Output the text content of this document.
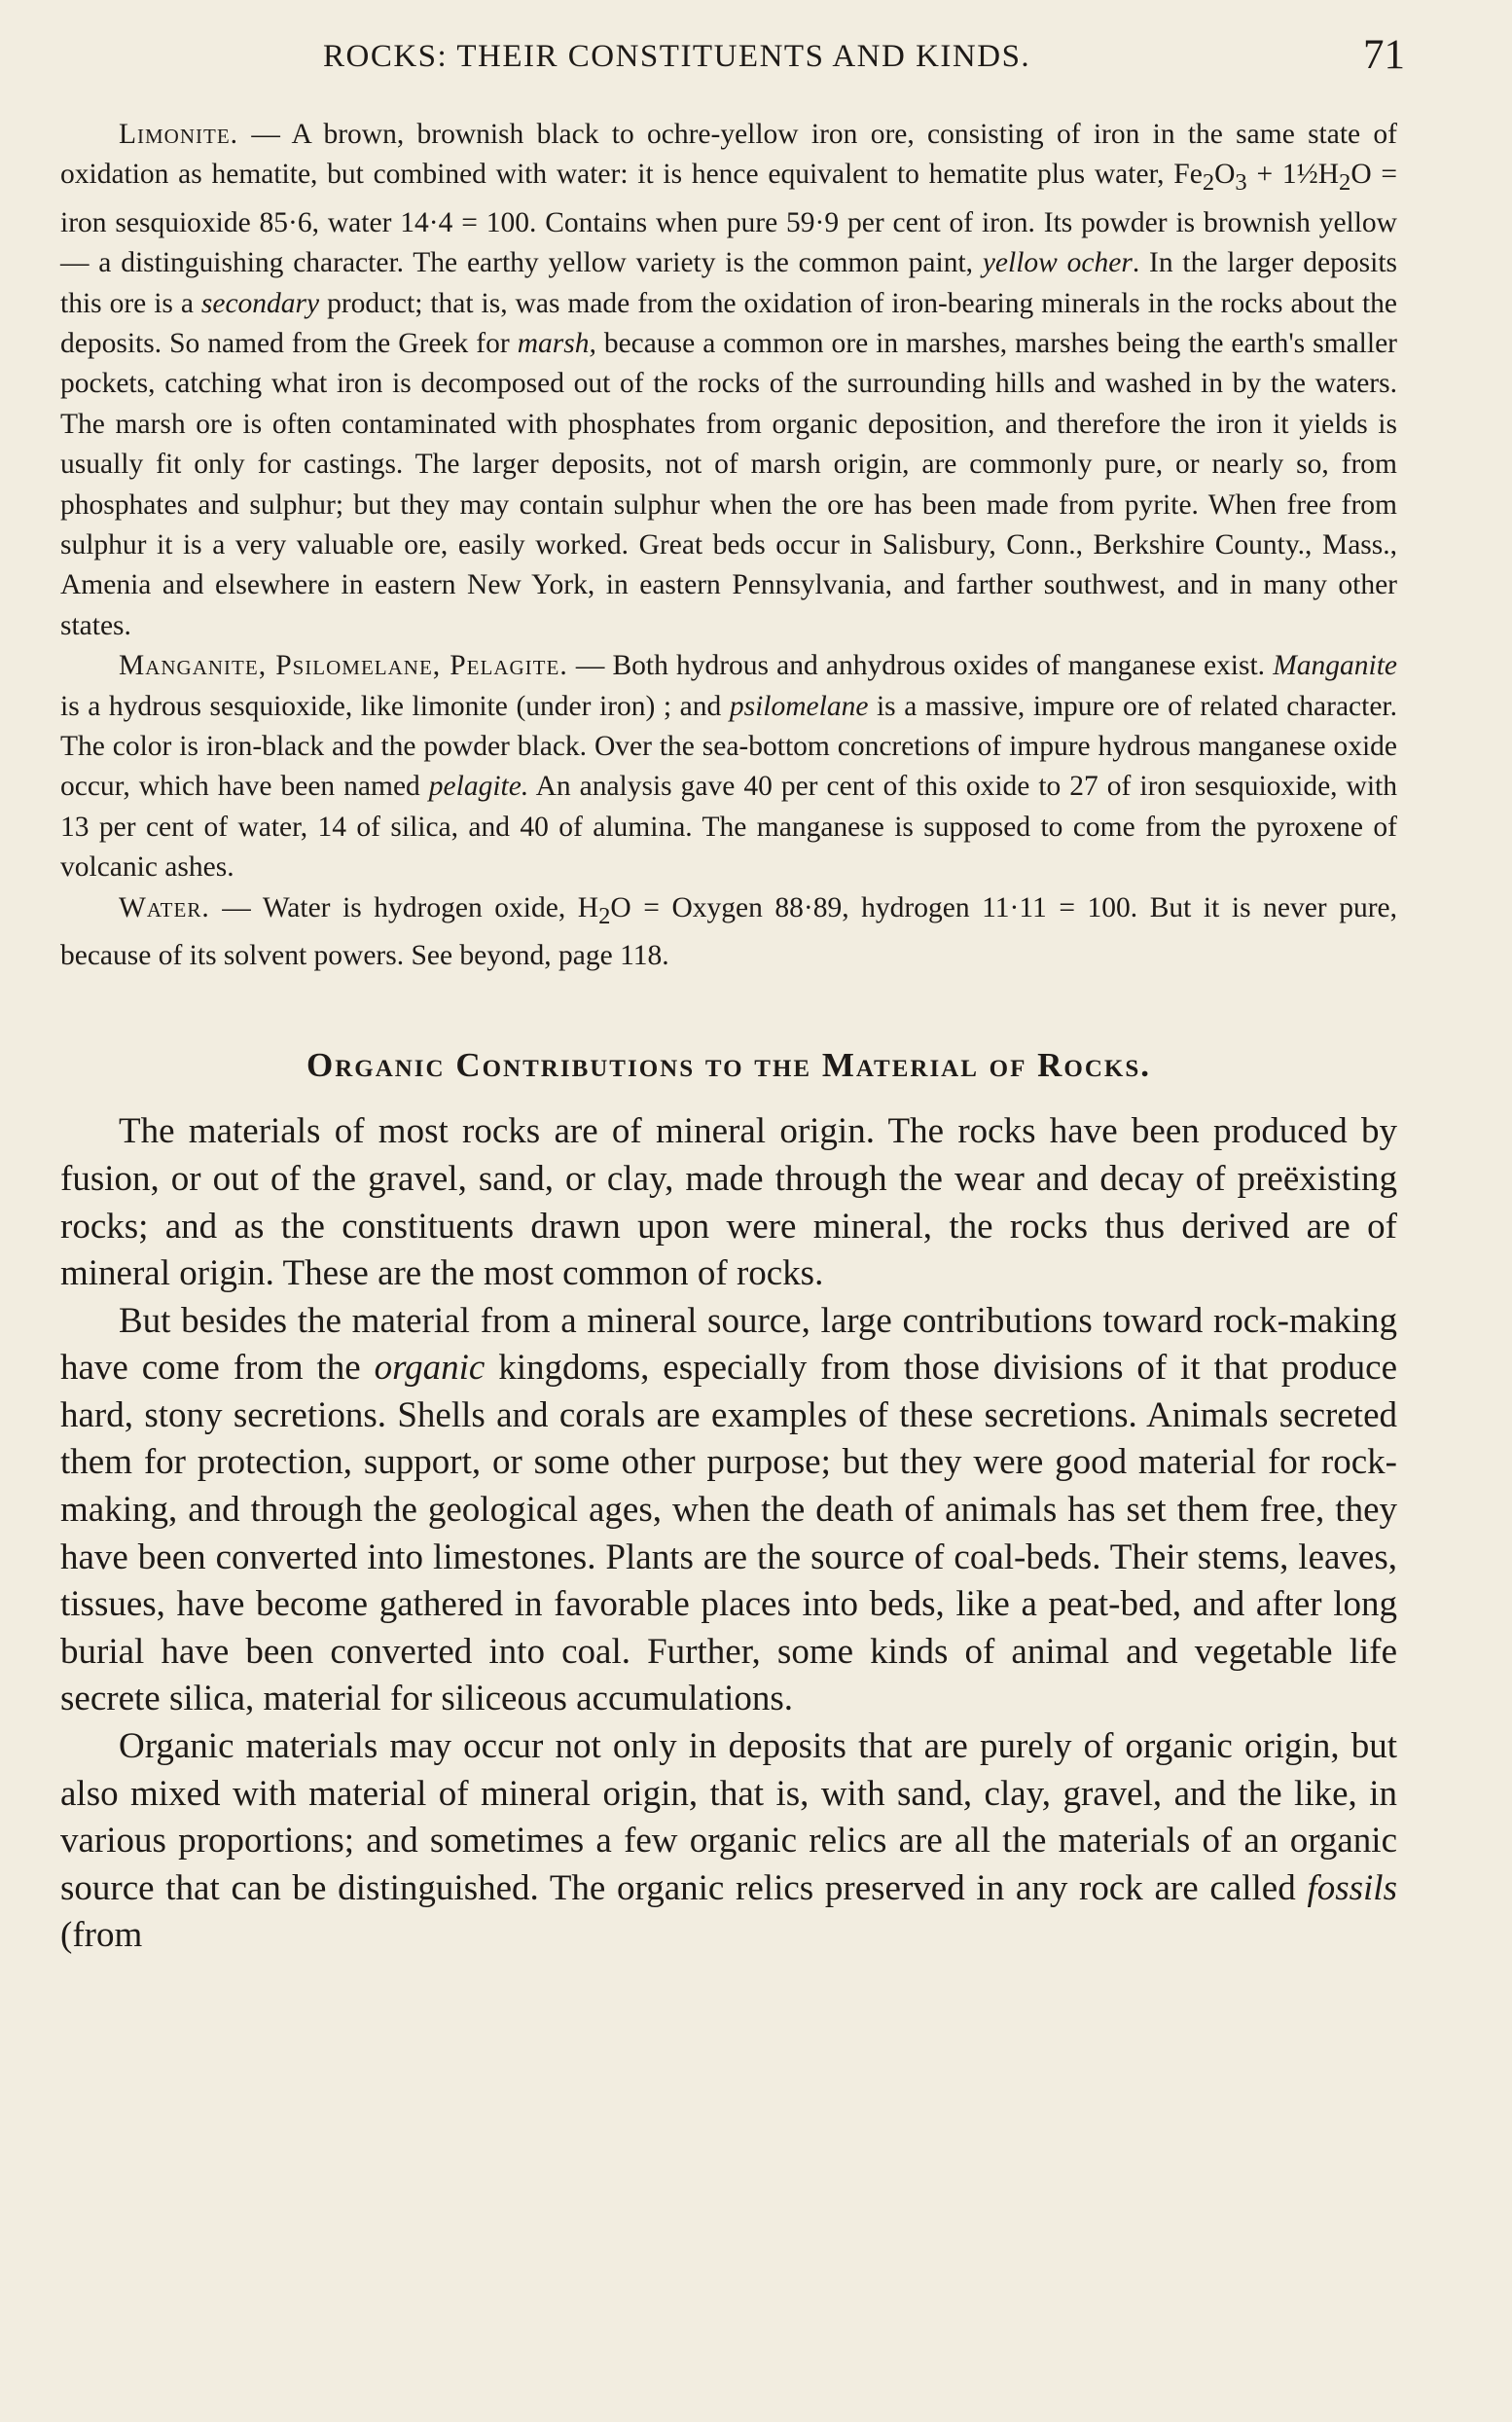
ROCKS: THEIR CONSTITUENTS AND KINDS.	71

Limonite. — A brown, brownish black to ochre-yellow iron ore, consisting of iron in the same state of oxidation as hematite, but combined with water: it is hence equivalent to hematite plus water, $Fe_2O_3$ + $1\frac{1}{2}H_2O$ = iron sesquioxide 85·6, water 14·4 = 100. Contains when pure 59·9 per cent of iron. Its powder is brownish yellow — a distinguishing character. The earthy yellow variety is the common paint, yellow ocher. In the larger deposits this ore is a secondary product; that is, was made from the oxidation of iron-bearing minerals in the rocks about the deposits. So named from the Greek for marsh, because a common ore in marshes, marshes being the earth's smaller pockets, catching what iron is decomposed out of the rocks of the surrounding hills and washed in by the waters. The marsh ore is often contaminated with phosphates from organic deposition, and therefore the iron it yields is usually fit only for castings. The larger deposits, not of marsh origin, are commonly pure, or nearly so, from phosphates and sulphur; but they may contain sulphur when the ore has been made from pyrite. When free from sulphur it is a very valuable ore, easily worked. Great beds occur in Salisbury, Conn., Berkshire County., Mass., Amenia and elsewhere in eastern New York, in eastern Pennsylvania, and farther southwest, and in many other states.

Manganite, Psilomelane, Pelagite. — Both hydrous and anhydrous oxides of manganese exist. Manganite is a hydrous sesquioxide, like limonite (under iron) ; and psilomelane is a massive, impure ore of related character. The color is iron-black and the powder black. Over the sea-bottom concretions of impure hydrous manganese oxide occur, which have been named pelagite. An analysis gave 40 per cent of this oxide to 27 of iron sesquioxide, with 13 per cent of water, 14 of silica, and 40 of alumina. The manganese is supposed to come from the pyroxene of volcanic ashes.

Water. — Water is hydrogen oxide, $H_2O$ = Oxygen 88·89, hydrogen 11·11 = 100. But it is never pure, because of its solvent powers. See beyond, page 118.

Organic Contributions to the Material of Rocks.

The materials of most rocks are of mineral origin. The rocks have been produced by fusion, or out of the gravel, sand, or clay, made through the wear and decay of preëxisting rocks; and as the constituents drawn upon were mineral, the rocks thus derived are of mineral origin. These are the most common of rocks.

But besides the material from a mineral source, large contributions toward rock-making have come from the organic kingdoms, especially from those divisions of it that produce hard, stony secretions. Shells and corals are examples of these secretions. Animals secreted them for protection, support, or some other purpose; but they were good material for rock-making, and through the geological ages, when the death of animals has set them free, they have been converted into limestones. Plants are the source of coal-beds. Their stems, leaves, tissues, have become gathered in favorable places into beds, like a peat-bed, and after long burial have been converted into coal. Further, some kinds of animal and vegetable life secrete silica, material for siliceous accumulations.

Organic materials may occur not only in deposits that are purely of organic origin, but also mixed with material of mineral origin, that is, with sand, clay, gravel, and the like, in various proportions; and sometimes a few organic relics are all the materials of an organic source that can be distinguished. The organic relics preserved in any rock are called fossils (from
